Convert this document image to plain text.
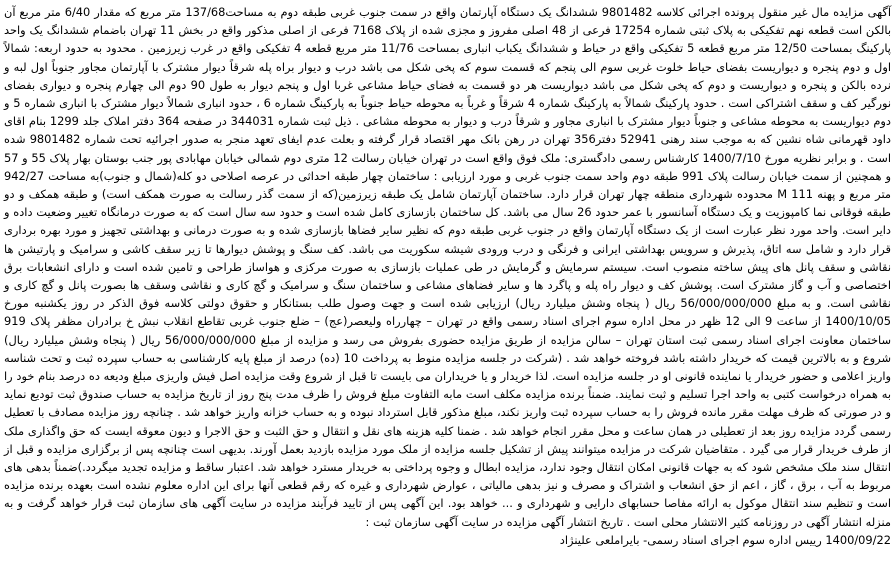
آگهی مزایده مال غیر منقول پرونده اجرائی کلاسه 9801482 ششدانگ یک دستگاه آپارتمان واقع در سمت جنوب غربی طبقه دوم به مساحت137/68 متر مربع که مقدار 6/40 متر مربع آن بالکن است قطعه نهم تفکیکی به پلاک ثبتی شماره 17254 فرعی از 48 اصلی مفروز و مجزی شده از پلاک 7168 فرعی از اصلی مذکور واقع در بخش 11 تهران باضمام ششدانگ یک واحد پارکینگ بمساحت 12/50 متر مربع قطعه 5 تفکیکی واقع در حیاط و ششدانگ یکباب انباری بمساحت 11/76 متر مربع قطعه 4 تفکیکی واقع در غرب زیرزمین . محدود به حدود اربعه: شمالاً اول و دوم پنجره و دیواریست بفضای حیاط خلوت غربی سوم الی پنجم که قسمت سوم که پخی شکل می باشد درب و دیوار براه پله شرقاً دیوار مشترک با آپارتمان مجاور جنوباً اول لبه و نرده بالکن و پنجره و دیواریست و دوم که پخی شکل می باشد دیواریست هر دو قسمت به فضای حیاط مشاعی غربا اول و پنجم دیوار به طول 90 دوم الی چهارم پنجره و دیواری بفضای نورگیر کف و سقف اشتراکی است . حدود پارکینگ شمالاً به پارکینگ شماره 4 شرقاً و غرباً به محوطه حیاط جنوباً به پارکینگ شماره 6 ، حدود انباری شمالاً دیوار مشترک با انباری شماره 5 و دوم دیواریست به محوطه مشاعی و جنوباً دیوار مشترک با انباری مجاور و شرقاً درب و دیوار به محوطه مشاعی . ذیل ثبت شماره 344031 در صفحه 364 دفتر املاک جلد 1299 بنام اقای داود قهرمانی شاه نشین که به موجب سند رهنی 52941 دفتر356 تهران در رهن بانک مهر اقتصاد قرار گرفته و بعلت عدم ایفای تعهد منجر به صدور اجرائیه تحت شماره 9801482 شده است . و برابر نظریه مورخ 1400/7/10 کارشناس رسمی دادگستری: ملک فوق واقع است در تهران خیابان رسالت 12 متری دوم شمالی خیابان مهابادی پور جنب بوستان بهار پلاک 55 و 57 و همچنین از سمت خیابان رسالت پلاک 991 طبقه دوم واحد سمت جنوب غربی و مورد ارزیابی : ساختمان چهار طبقه احداثی در عرصه اصلاحی دو کله(شمال و جنوب)به مساحت 942/27 متر مربع و پهنه M 111 محدوده شهرداری منطقه چهار تهران قرار دارد. ساختمان آپارتمان شامل یک طبقه زیرزمین(که از سمت گذر رسالت به صورت همکف است) و طبقه همکف و دو طبقه فوقانی نما کامپوزیت و یک دستگاه آسانسور با عمر حدود 26 سال می باشد. کل ساختمان بازسازی کامل شده است و حدود سه سال است که به صورت درمانگاه تغییر وضعیت داده و دایر است. واحد مورد نظر عبارت است از یک دستگاه آپارتمان واقع در جنوب غربی طبقه دوم که نظیر سایر فضاها بازسازی شده و به صورت درمانی و بهداشتی تجهیز و مورد بهره برداری قرار دارد و شامل سه اتاق، پذیرش و سرویس بهداشتی ایرانی و فرنگی و درب ورودی شیشه سکوریت می باشد. کف سنگ و پوشش دیوارها تا زیر سقف کاشی و سرامیک و پارتیشن ها نقاشی و سقف پانل های پیش ساخته منصوب است. سیستم سرمایش و گرمایش در طی عملیات بازسازی به صورت مرکزی و هواساز طراحی و تامین شده است و دارای انشعابات برق اختصاصی و آب و گاز مشترک است. پوشش کف و دیوار راه پله و پاگرد ها و سایر فضاهای مشاعی و ساختمان سنگ و سرامیک و گچ کاری و نقاشی وسقف ها بصورت پانل و گچ کاری و نقاشی است. و به مبلغ 56/000/000/000 ریال ( پنجاه وشش میلیارد ریال) ارزیابی شده است و جهت وصول طلب بستانکار و حقوق دولتی کلاسه فوق الذکر در روز یکشنبه مورخ 1400/10/05 از ساعت 9 الی 12 ظهر در محل اداره سوم اجرای اسناد رسمی واقع در تهران – چهارراه ولیعصر(عج) – ضلع جنوب غربی تقاطع انقلاب نبش خ برادران مظفر پلاک 919 ساختمان معاونت اجرای اسناد رسمی ثبت استان تهران – سالن مزایده از طریق مزایده حضوری بفروش می رسد و مزایده از مبلغ 56/000/000/000 ریال ( پنجاه وشش میلیارد ریال) شروع و به بالاترین قیمت که خریدار داشته باشد فروخته خواهد شد . (شرکت در جلسه مزایده منوط به پرداخت 10 (ده) درصد از مبلغ پایه کارشناسی به حساب سپرده ثبت و تحت شناسه واریز اعلامی و حضور خریدار یا نماینده قانونی او در جلسه مزایده است. لذا خریدار و یا خریداران می بایست تا قبل از شروع وقت مزایده اصل فیش واریزی مبلغ ودیعه ده درصد بنام خود را به همراه درخواست کتبی به واحد اجرا تسلیم و ثبت نمایند. ضمناً برنده مزایده مکلف است مابه التفاوت مبلغ فروش را ظرف مدت پنج روز از تاریخ مزایده به حساب صندوق ثبت تودیع نماید و در صورتی که ظرف مهلت مقرر مانده فروش را به حساب سپرده ثبت واریز نکند، مبلغ مذکور قابل استرداد نبوده و به حساب خزانه واریز خواهد شد . چنانچه روز مزایده مصادف با تعطیل رسمی گردد مزایده روز بعد از تعطیلی در همان ساعت و محل مقرر انجام خواهد شد . ضمنا کلیه هزینه های نقل و انتقال و حق الثبت و حق الاجرا و دیون معوقه ایست که حق واگذاری ملک از طرف خریدار قرار می گیرد . متقاضیان شرکت در مزایده میتوانند پیش از تشکیل جلسه مزایده از ملک مورد مزایده بازدید بعمل آورند. بدیهی است چنانچه پس از برگزاری مزایده و قبل از انتقال سند ملک مشخص شود که به جهات قانونی امکان انتقال وجود ندارد، مزایده ابطال و وجوه پرداختی به خریدار مسترد خواهد شد. اعتبار ساقط و مزایده تجدید میگردد.)ضمناً بدهی های مربوط به آب ، برق ، گاز ، اعم از حق انشعاب و اشتراک و مصرف و نیز بدهی مالیاتی ، عوارض شهرداری و غیره که رقم قطعی آنها برای این اداره معلوم نشده است بعهده برنده مزایده است و تنظیم سند انتقال موکول به ارائه مفاصا حسابهای دارایی و شهرداری و ... خواهد بود. این آگهی پس از تایید فرآیند مزایده در سایت آگهی های سازمان ثبت قرار خواهد گرفت و به منزله انتشار آگهی در روزنامه کثیر الانتشار محلی است . تاریخ انتشار آگهی مزایده در سایت آگهی سازمان ثبت :

1400/09/22 رییس اداره سوم اجرای اسناد رسمی- بایراملعی علینژاد
